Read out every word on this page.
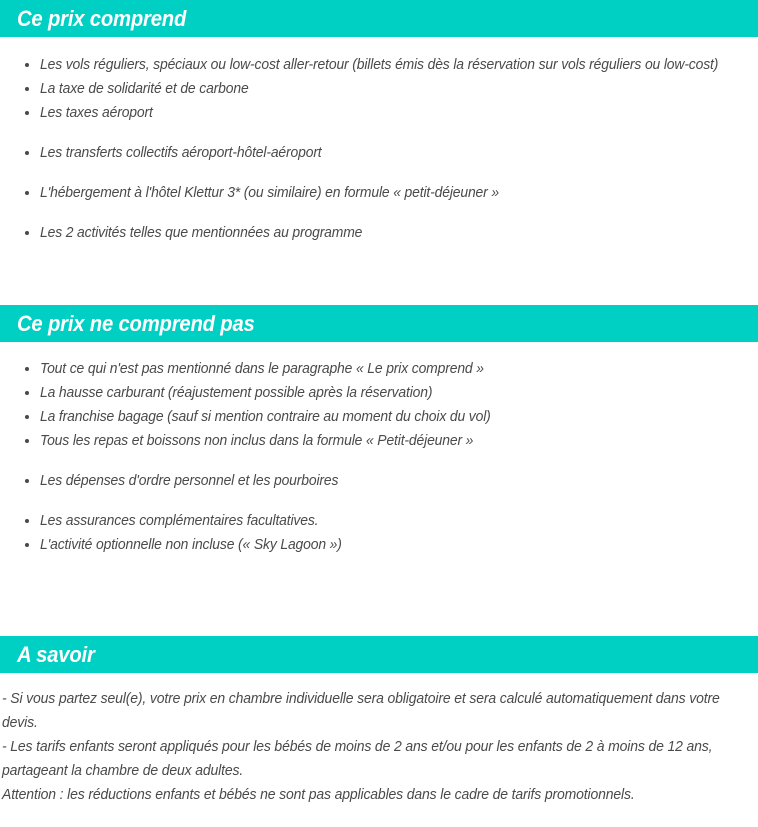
Ce prix comprend
Les vols réguliers, spéciaux ou low-cost aller-retour (billets émis dès la réservation sur vols réguliers ou low-cost)
La taxe de solidarité et de carbone
Les taxes aéroport
Les transferts collectifs aéroport-hôtel-aéroport
L'hébergement à l'hôtel Klettur 3* (ou similaire) en formule « petit-déjeuner »
Les 2 activités telles que mentionnées au programme
Ce prix ne comprend pas
Tout ce qui n'est pas mentionné dans le paragraphe « Le prix comprend »
La hausse carburant (réajustement possible après la réservation)
La franchise bagage (sauf si mention contraire au moment du choix du vol)
Tous les repas et boissons non inclus dans la formule « Petit-déjeuner »
Les dépenses d'ordre personnel et les pourboires
Les assurances complémentaires facultatives.
L'activité optionnelle non incluse (« Sky Lagoon »)
A savoir

- Si vous partez seul(e), votre prix en chambre individuelle sera obligatoire et sera calculé automatiquement dans votre devis.

- Les tarifs enfants seront appliqués pour les bébés de moins de 2 ans et/ou pour les enfants de 2 à moins de 12 ans, partageant la chambre de deux adultes.

Attention : les réductions enfants et bébés ne sont pas applicables dans le cadre de tarifs promotionnels.
